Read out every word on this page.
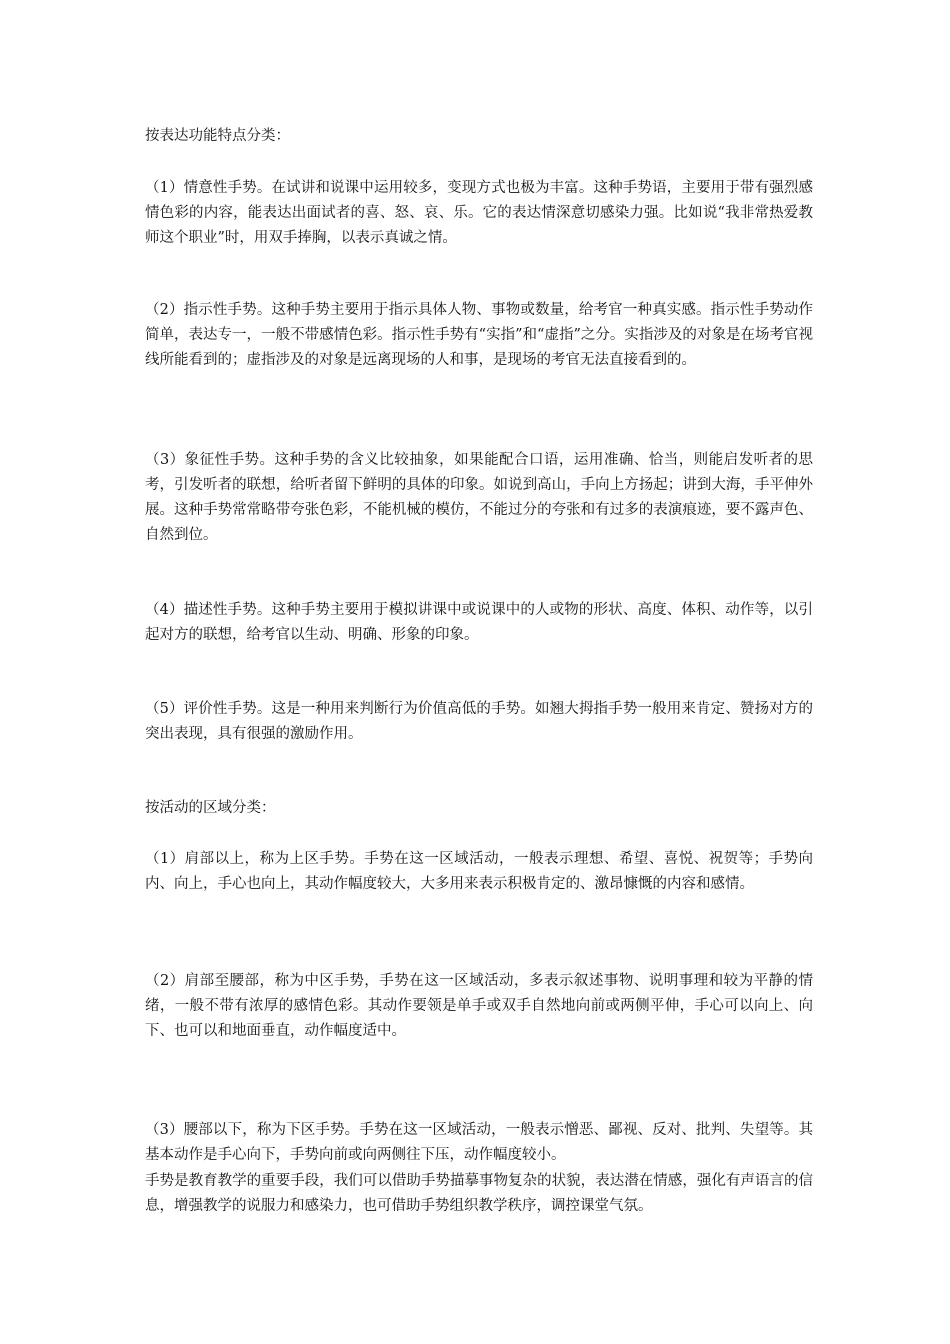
按表达功能特点分类：

（1）情意性手势。在试讲和说课中运用较多，变现方式也极为丰富。这种手势语，主要用于带有强烈感情色彩的内容，能表达出面试者的喜、怒、哀、乐。它的表达情深意切感染力强。比如说“我非常热爱教师这个职业”时，用双手捧胸，以表示真诚之情。

（2）指示性手势。这种手势主要用于指示具体人物、事物或数量，给考官一种真实感。指示性手势动作简单，表达专一，一般不带感情色彩。指示性手势有“实指”和“虚指”之分。实指涉及的对象是在场考官视线所能看到的；虚指涉及的对象是远离现场的人和事，是现场的考官无法直接看到的。

（3）象征性手势。这种手势的含义比较抽象，如果能配合口语，运用准确、恰当，则能启发听者的思考，引发听者的联想，给听者留下鲜明的具体的印象。如说到高山，手向上方扬起；讲到大海，手平伸外展。这种手势常常略带夸张色彩，不能机械的模仿，不能过分的夸张和有过多的表演痕迹，要不露声色、自然到位。

（4）描述性手势。这种手势主要用于模拟讲课中或说课中的人或物的形状、高度、体积、动作等，以引起对方的联想，给考官以生动、明确、形象的印象。

（5）评价性手势。这是一种用来判断行为价值高低的手势。如翘大拇指手势一般用来肯定、赞扬对方的突出表现，具有很强的激励作用。

按活动的区域分类：

（1）肩部以上，称为上区手势。手势在这一区域活动，一般表示理想、希望、喜悦、祝贺等；手势向内、向上，手心也向上，其动作幅度较大，大多用来表示积极肯定的、激昂慷慨的内容和感情。

（2）肩部至腰部，称为中区手势，手势在这一区域活动，多表示叙述事物、说明事理和较为平静的情绪，一般不带有浓厚的感情色彩。其动作要领是单手或双手自然地向前或两侧平伸，手心可以向上、向下、也可以和地面垂直，动作幅度适中。

（3）腰部以下，称为下区手势。手势在这一区域活动，一般表示憎恶、鄙视、反对、批判、失望等。其基本动作是手心向下，手势向前或向两侧往下压，动作幅度较小。

手势是教育教学的重要手段，我们可以借助手势描摹事物复杂的状貌，表达潜在情感，强化有声语言的信息，增强教学的说服力和感染力，也可借助手势组织教学秩序，调控课堂气氛。
